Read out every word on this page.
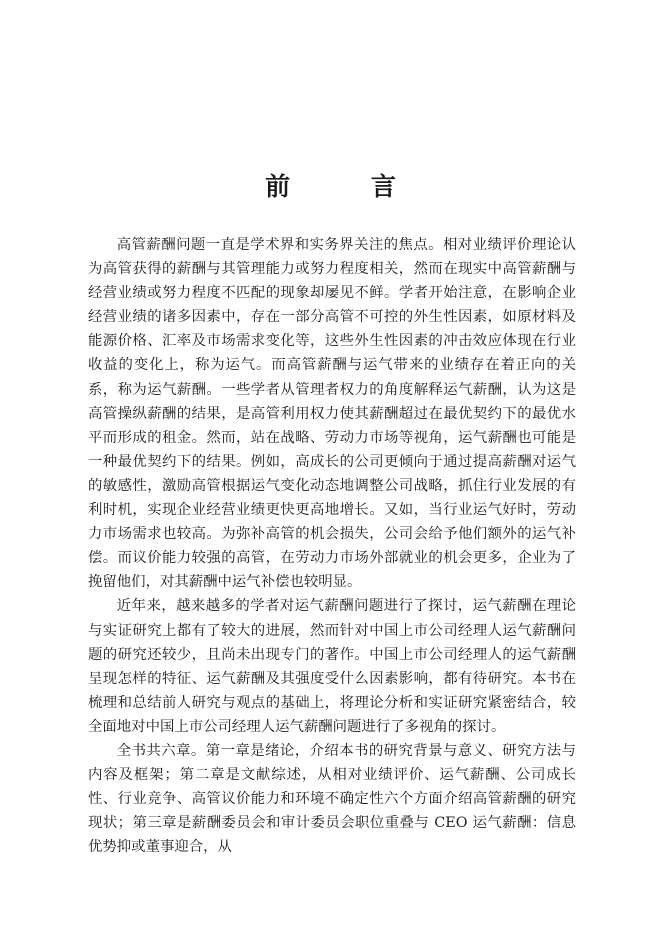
前 言

高管薪酬问题一直是学术界和实务界关注的焦点。相对业绩评价理论认为高管获得的薪酬与其管理能力或努力程度相关，然而在现实中高管薪酬与经营业绩或努力程度不匹配的现象却屡见不鲜。学者开始注意，在影响企业经营业绩的诸多因素中，存在一部分高管不可控的外生性因素，如原材料及能源价格、汇率及市场需求变化等，这些外生性因素的冲击效应体现在行业收益的变化上，称为运气。而高管薪酬与运气带来的业绩存在着正向的关系，称为运气薪酬。一些学者从管理者权力的角度解释运气薪酬，认为这是高管操纵薪酬的结果，是高管利用权力使其薪酬超过在最优契约下的最优水平而形成的租金。然而，站在战略、劳动力市场等视角，运气薪酬也可能是一种最优契约下的结果。例如，高成长的公司更倾向于通过提高薪酬对运气的敏感性，激励高管根据运气变化动态地调整公司战略，抓住行业发展的有利时机，实现企业经营业绩更快更高地增长。又如，当行业运气好时，劳动力市场需求也较高。为弥补高管的机会损失，公司会给予他们额外的运气补偿。而议价能力较强的高管，在劳动力市场外部就业的机会更多，企业为了挽留他们，对其薪酬中运气补偿也较明显。

近年来，越来越多的学者对运气薪酬问题进行了探讨，运气薪酬在理论与实证研究上都有了较大的进展，然而针对中国上市公司经理人运气薪酬问题的研究还较少，且尚未出现专门的著作。中国上市公司经理人的运气薪酬呈现怎样的特征、运气薪酬及其强度受什么因素影响，都有待研究。本书在梳理和总结前人研究与观点的基础上，将理论分析和实证研究紧密结合，较全面地对中国上市公司经理人运气薪酬问题进行了多视角的探讨。

全书共六章。第一章是绪论，介绍本书的研究背景与意义、研究方法与内容及框架；第二章是文献综述，从相对业绩评价、运气薪酬、公司成长性、行业竞争、高管议价能力和环境不确定性六个方面介绍高管薪酬的研究现状；第三章是薪酬委员会和审计委员会职位重叠与 CEO 运气薪酬：信息优势抑或董事迎合，从
